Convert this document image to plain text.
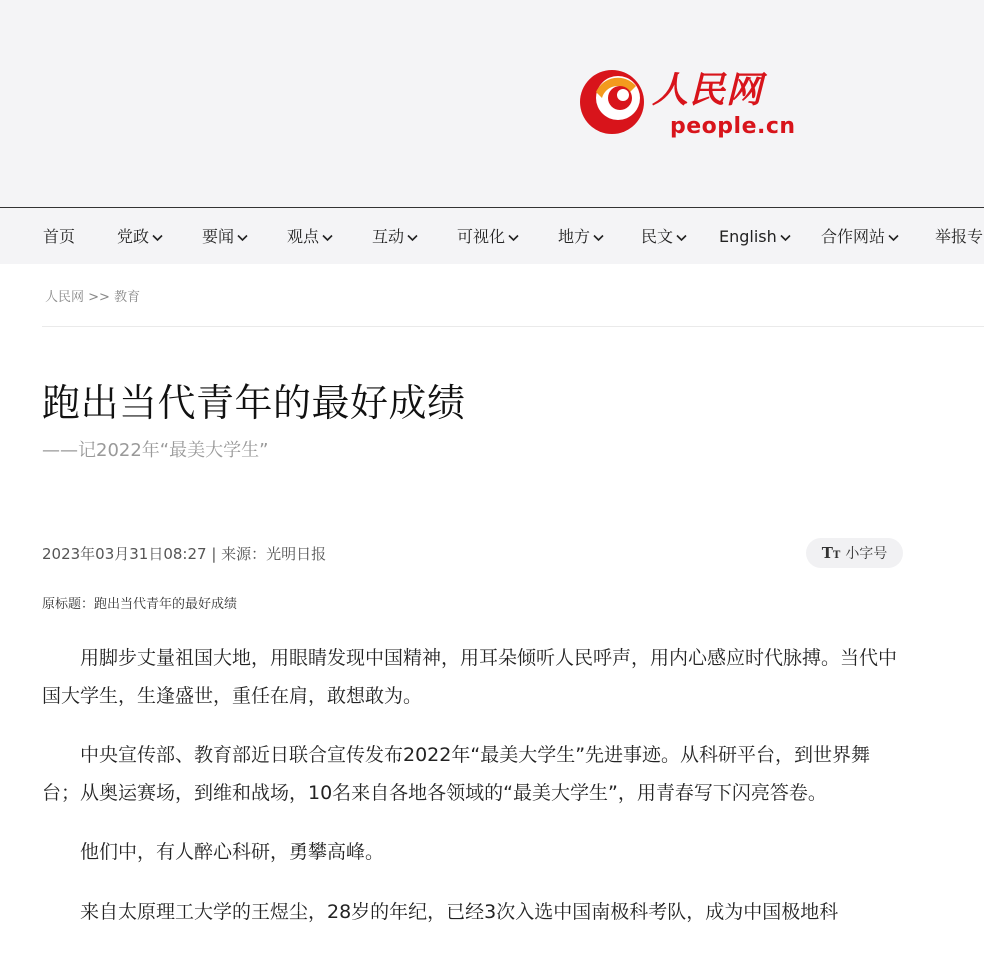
人民网
people.cn
首页	党政	要闻	观点	互动	可视化	地方	民文	English	合作网站	举报专
人民网 >> 教育
跑出当代青年的最好成绩
——记2022年“最美大学生”
2023年03月31日08:27 | 来源：光明日报	TT 小字号
原标题：跑出当代青年的最好成绩

用脚步丈量祖国大地，用眼睛发现中国精神，用耳朵倾听人民呼声，用内心感应时代脉搏。当代中国大学生，生逢盛世，重任在肩，敢想敢为。

中央宣传部、教育部近日联合宣传发布2022年“最美大学生”先进事迹。从科研平台，到世界舞台；从奥运赛场，到维和战场，10名来自各地各领域的“最美大学生”，用青春写下闪亮答卷。

他们中，有人醉心科研，勇攀高峰。

来自太原理工大学的王煜尘，28岁的年纪，已经3次入选中国南极科考队，成为中国极地科
